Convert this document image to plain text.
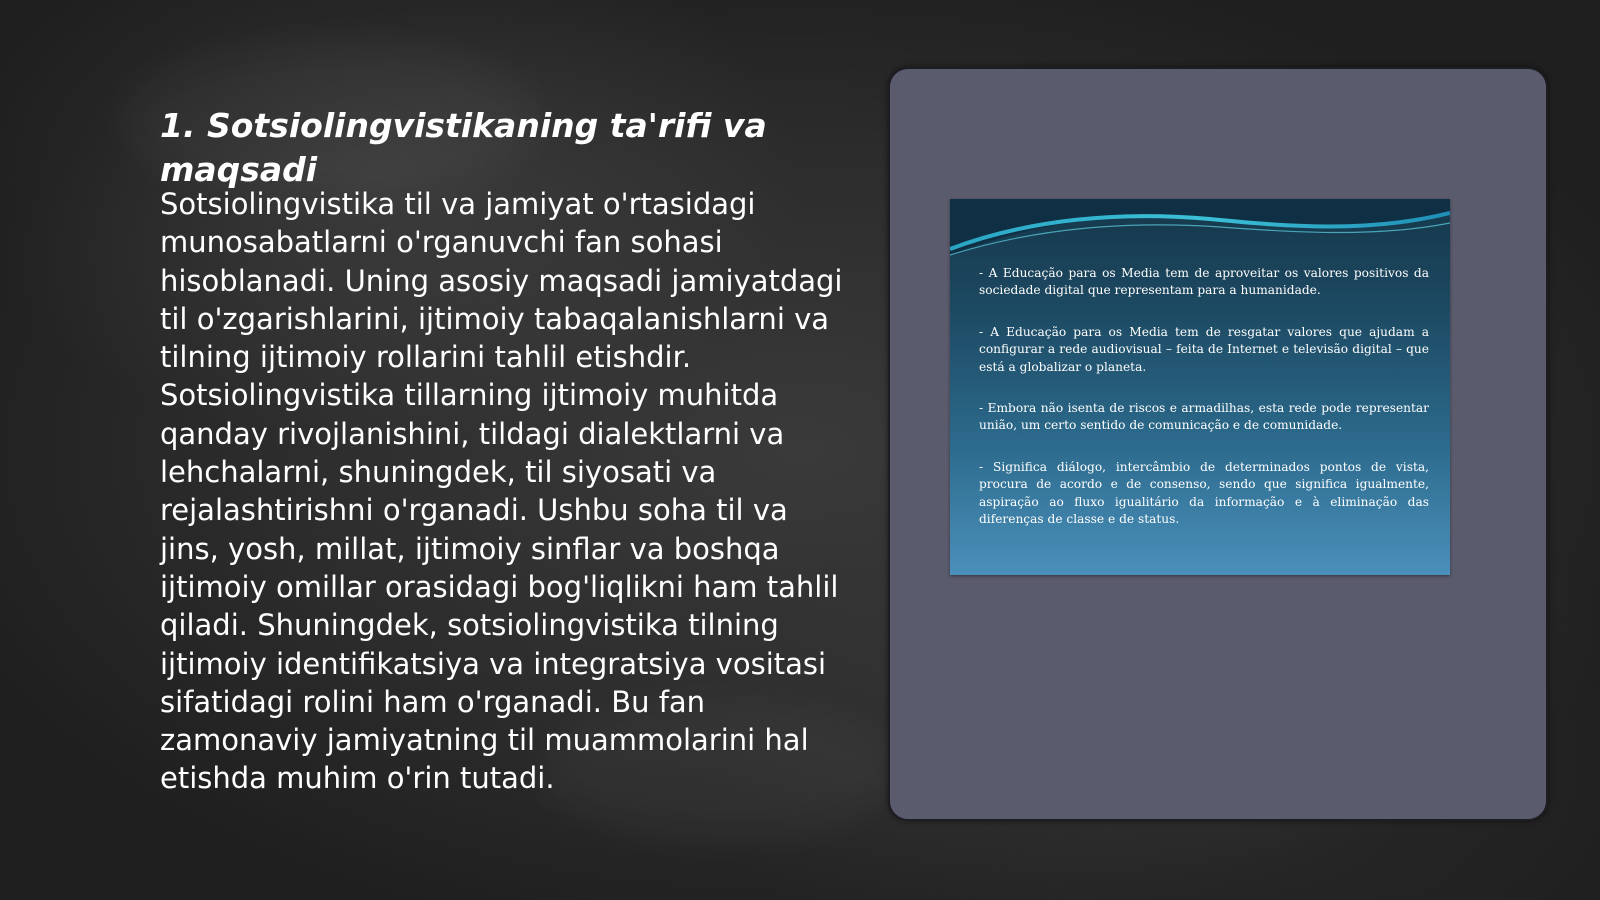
1. Sotsiolingvistikaning ta'rifi va maqsadi

Sotsiolingvistika til va jamiyat o'rtasidagi munosabatlarni o'rganuvchi fan sohasi hisoblanadi. Uning asosiy maqsadi jamiyatdagi til o'zgarishlarini, ijtimoiy tabaqalanishlarni va tilning ijtimoiy rollarini tahlil etishdir. Sotsiolingvistika tillarning ijtimoiy muhitda qanday rivojlanishini, tildagi dialektlarni va lehchalarni, shuningdek, til siyosati va rejalashtirishni o'rganadi. Ushbu soha til va jins, yosh, millat, ijtimoiy sinflar va boshqa ijtimoiy omillar orasidagi bog'liqlikni ham tahlil qiladi. Shuningdek, sotsiolingvistika tilning ijtimoiy identifikatsiya va integratsiya vositasi sifatidagi rolini ham o'rganadi. Bu fan zamonaviy jamiyatning til muammolarini hal etishda muhim o'rin tutadi.

- A Educação para os Media tem de aproveitar os valores positivos da sociedade digital que representam para a humanidade.

- A Educação para os Media tem de resgatar valores que ajudam a configurar a rede audiovisual – feita de Internet e televisão digital – que está a globalizar o planeta.

- Embora não isenta de riscos e armadilhas, esta rede pode representar união, um certo sentido de comunicação e de comunidade.

- Significa diálogo, intercâmbio de determinados pontos de vista, procura de acordo e de consenso, sendo que significa igualmente, aspiração ao fluxo igualitário da informação e à eliminação das diferenças de classe e de status.
